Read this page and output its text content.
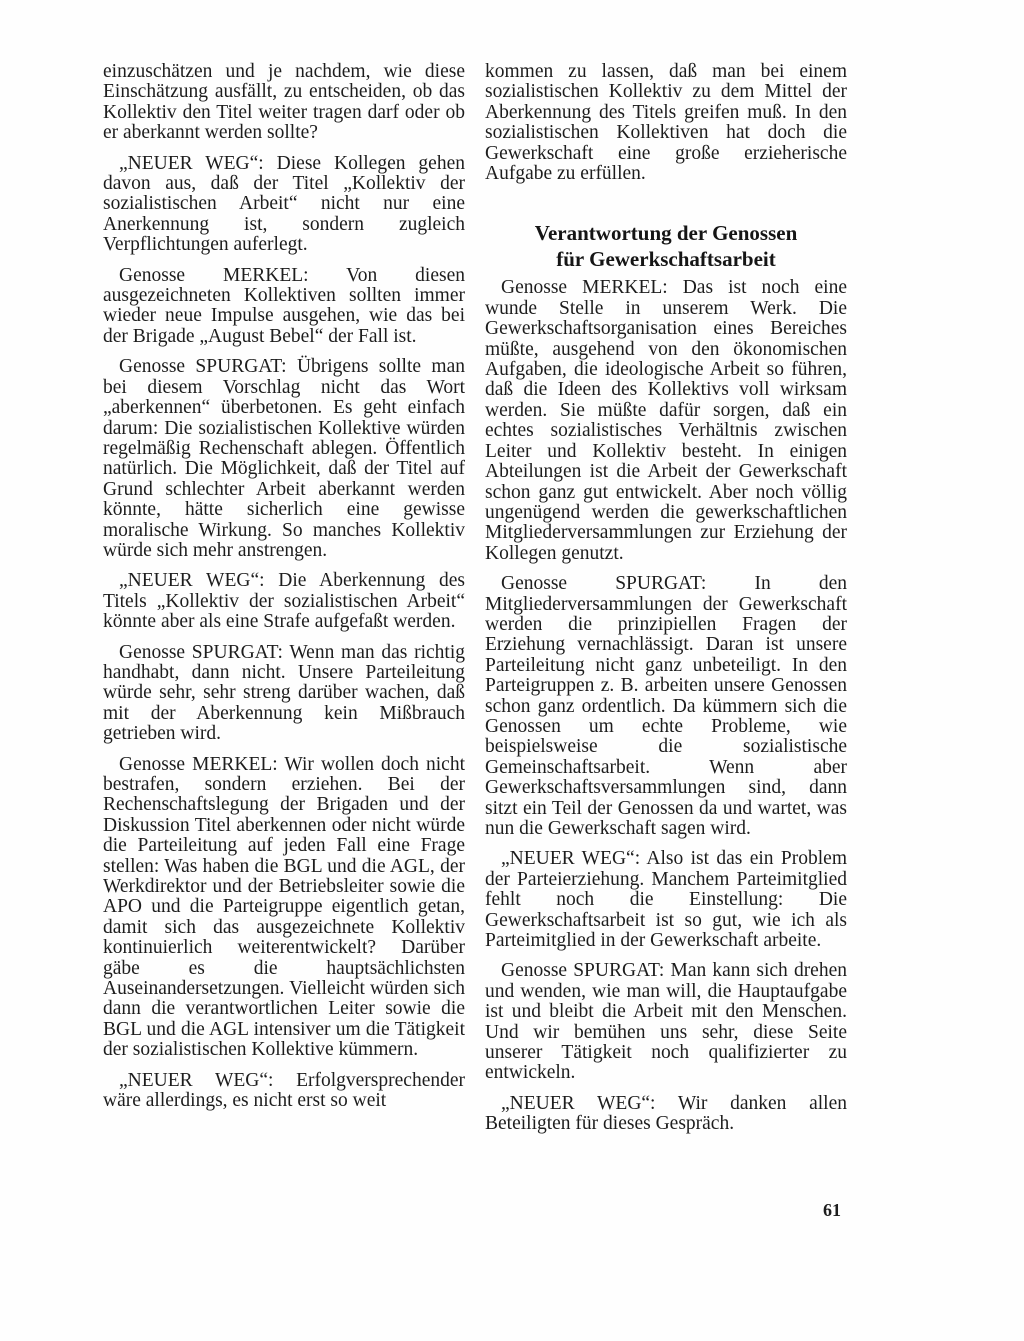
einzuschätzen und je nachdem, wie diese Einschätzung ausfällt, zu entscheiden, ob das Kollektiv den Titel weiter tragen darf oder ob er aberkannt werden sollte?

„NEUER WEG“: Diese Kollegen gehen davon aus, daß der Titel „Kollektiv der sozialistischen Arbeit“ nicht nur eine Anerkennung ist, sondern zugleich Verpflichtungen auferlegt.

Genosse MERKEL: Von diesen ausgezeichneten Kollektiven sollten immer wieder neue Impulse ausgehen, wie das bei der Brigade „August Bebel“ der Fall ist.

Genosse SPURGAT: Übrigens sollte man bei diesem Vorschlag nicht das Wort „aberkennen“ überbetonen. Es geht einfach darum: Die sozialistischen Kollektive würden regelmäßig Rechenschaft ablegen. Öffentlich natürlich. Die Möglichkeit, daß der Titel auf Grund schlechter Arbeit aberkannt werden könnte, hätte sicherlich eine gewisse moralische Wirkung. So manches Kollektiv würde sich mehr anstrengen.

„NEUER WEG“: Die Aberkennung des Titels „Kollektiv der sozialistischen Arbeit“ könnte aber als eine Strafe aufgefaßt werden.

Genosse SPURGAT: Wenn man das richtig handhabt, dann nicht. Unsere Parteileitung würde sehr, sehr streng darüber wachen, daß mit der Aberkennung kein Mißbrauch getrieben wird.

Genosse MERKEL: Wir wollen doch nicht bestrafen, sondern erziehen. Bei der Rechenschaftslegung der Brigaden und der Diskussion Titel aberkennen oder nicht würde die Parteileitung auf jeden Fall eine Frage stellen: Was haben die BGL und die AGL, der Werkdirektor und der Betriebsleiter sowie die APO und die Parteigruppe eigentlich getan, damit sich das ausgezeichnete Kollektiv kontinuierlich weiterentwickelt? Darüber gäbe es die hauptsächlichsten Auseinandersetzungen. Vielleicht würden sich dann die verantwortlichen Leiter sowie die BGL und die AGL intensiver um die Tätigkeit der sozialistischen Kollektive kümmern.

„NEUER WEG“: Erfolgversprechender wäre allerdings, es nicht erst so weit

kommen zu lassen, daß man bei einem sozialistischen Kollektiv zu dem Mittel der Aberkennung des Titels greifen muß. In den sozialistischen Kollektiven hat doch die Gewerkschaft eine große erzieherische Aufgabe zu erfüllen.

Verantwortung der Genossen
für Gewerkschaftsarbeit

Genosse MERKEL: Das ist noch eine wunde Stelle in unserem Werk. Die Gewerkschaftsorganisation eines Bereiches müßte, ausgehend von den ökonomischen Aufgaben, die ideologische Arbeit so führen, daß die Ideen des Kollektivs voll wirksam werden. Sie müßte dafür sorgen, daß ein echtes sozialistisches Verhältnis zwischen Leiter und Kollektiv besteht. In einigen Abteilungen ist die Arbeit der Gewerkschaft schon ganz gut entwickelt. Aber noch völlig ungenügend werden die gewerkschaftlichen Mitgliederversammlungen zur Erziehung der Kollegen genutzt.

Genosse SPURGAT: In den Mitgliederversammlungen der Gewerkschaft werden die prinzipiellen Fragen der Erziehung vernachlässigt. Daran ist unsere Parteileitung nicht ganz unbeteiligt. In den Parteigruppen z. B. arbeiten unsere Genossen schon ganz ordentlich. Da kümmern sich die Genossen um echte Probleme, wie beispielsweise die sozialistische Gemeinschaftsarbeit. Wenn aber Gewerkschaftsversammlungen sind, dann sitzt ein Teil der Genossen da und wartet, was nun die Gewerkschaft sagen wird.

„NEUER WEG“: Also ist das ein Problem der Parteierziehung. Manchem Parteimitglied fehlt noch die Einstellung: Die Gewerkschaftsarbeit ist so gut, wie ich als Parteimitglied in der Gewerkschaft arbeite.

Genosse SPURGAT: Man kann sich drehen und wenden, wie man will, die Hauptaufgabe ist und bleibt die Arbeit mit den Menschen. Und wir bemühen uns sehr, diese Seite unserer Tätigkeit noch qualifizierter zu entwickeln.

„NEUER WEG“: Wir danken allen Beteiligten für dieses Gespräch.

61
